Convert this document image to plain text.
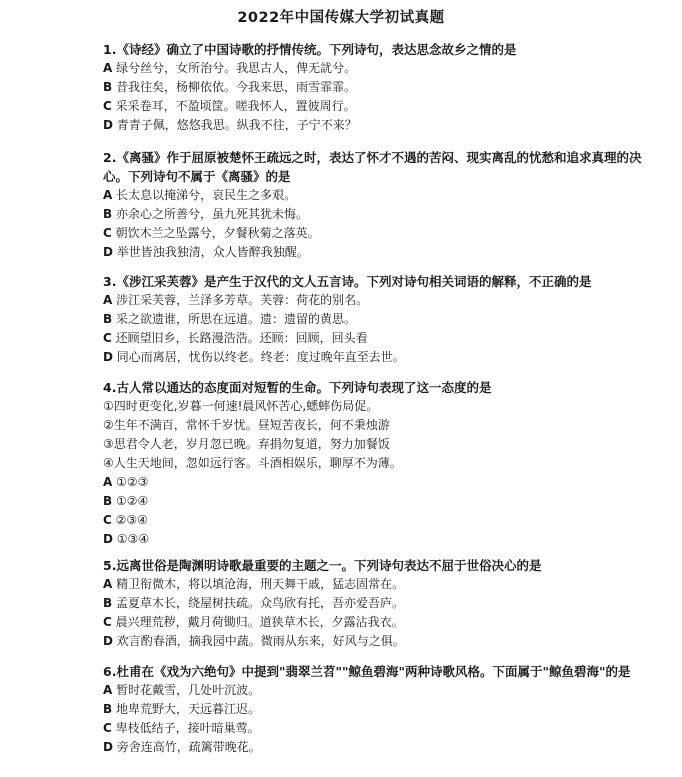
2022年中国传媒大学初试真题
1.《诗经》确立了中国诗歌的抒情传统。下列诗句，表达思念故乡之情的是
A 绿兮丝兮，女所治兮。我思古人，俾无訧兮。
B 昔我往矣，杨柳依依。今我来思，雨雪霏霏。
C 采采卷耳，不盈顷筐。嗟我怀人，置彼周行。
D 青青子佩，悠悠我思。纵我不往，子宁不来？
2.《离骚》作于屈原被楚怀王疏远之时，表达了怀才不遇的苦闷、现实离乱的忧愁和追求真理的决心。下列诗句不属于《离骚》的是
A 长太息以掩涕兮，哀民生之多艰。
B 亦余心之所善兮，虽九死其犹未悔。
C 朝饮木兰之坠露兮，夕餐秋菊之落英。
D 举世皆浊我独清，众人皆醉我独醒。
3.《涉江采芙蓉》是产生于汉代的文人五言诗。下列对诗句相关词语的解释，不正确的是
A 涉江采芙蓉，兰泽多芳草。芙蓉：荷花的别名。
B 采之欲遗谁，所思在远道。遗：遗留的黄思。
C 还顾望旧乡，长路漫浩浩。还顾：回顾，回头看
D 同心而离居，忧伤以终老。终老：度过晚年直至去世。
4.古人常以通达的态度面对短暂的生命。下列诗句表现了这一态度的是
①四时更变化,岁暮一何速!晨风怀苦心,蟋蟀伤局促。
②生年不满百，常怀千岁忧。昼短苦夜长，何不秉烛游
③思君令人老，岁月忽已晚。弃捐勿复道，努力加餐饭
④人生天地间，忽如远行客。斗酒相娱乐，聊厚不为薄。
A ①②③
B ①②④
C ②③④
D ①③④
5.远离世俗是陶渊明诗歌最重要的主题之一。下列诗句表达不屈于世俗决心的是
A 精卫衔微木，将以填沧海，刑天舞干戚，猛志固常在。
B 孟夏草木长，绕屋树扶疏。众鸟欣有托，吾亦爱吾庐。
C 晨兴理荒秽，戴月荷锄归。道狭草木长，夕露沾我衣。
D 欢言酌春酒，摘我园中蔬。微雨从东来，好风与之俱。
6.杜甫在《戏为六绝句》中提到"翡翠兰苕""鲸鱼碧海"两种诗歌风格。下面属于"鲸鱼碧海"的是
A 暂时花戴雪，几处叶沉波。
B 地卑荒野大，天远暮江迟。
C 卑枝低结子，接叶暗巢莺。
D 旁舍连高竹，疏篱带晚花。
